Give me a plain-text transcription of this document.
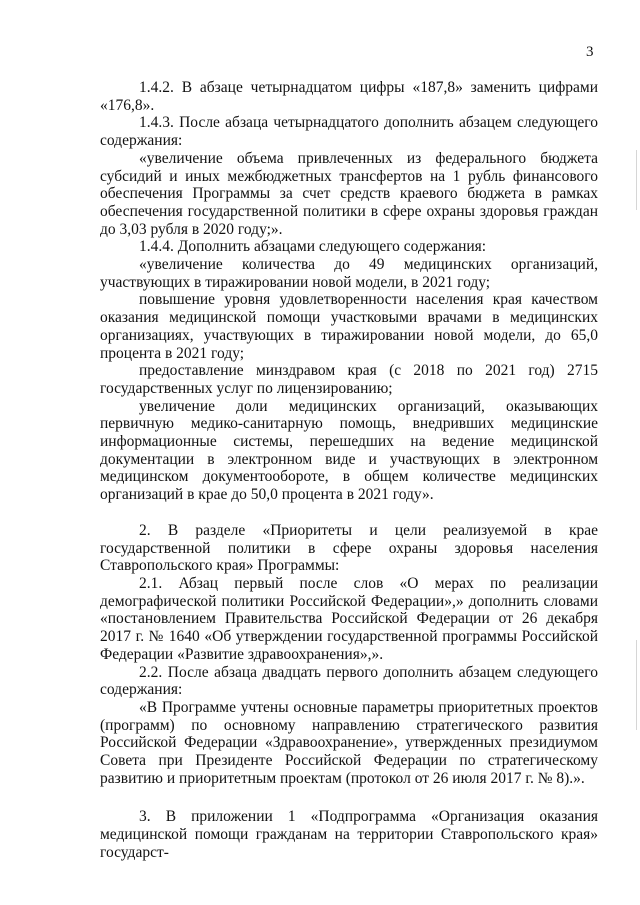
3

1.4.2. В абзаце четырнадцатом цифры «187,8» заменить цифрами «176,8».

1.4.3. После абзаца четырнадцатого дополнить абзацем следующего содержания:

«увеличение объема привлеченных из федерального бюджета субсидий и иных межбюджетных трансфертов на 1 рубль финансового обеспечения Программы за счет средств краевого бюджета в рамках обеспечения государственной политики в сфере охраны здоровья граждан до 3,03 рубля в 2020 году;».

1.4.4. Дополнить абзацами следующего содержания:

«увеличение количества до 49 медицинских организаций, участвующих в тиражировании новой модели, в 2021 году;

повышение уровня удовлетворенности населения края качеством оказания медицинской помощи участковыми врачами в медицинских организациях, участвующих в тиражировании новой модели, до 65,0 процента в 2021 году;

предоставление минздравом края (с 2018 по 2021 год) 2715 государственных услуг по лицензированию;

увеличение доли медицинских организаций, оказывающих первичную медико-санитарную помощь, внедривших медицинские информационные системы, перешедших на ведение медицинской документации в электронном виде и участвующих в электронном медицинском документообороте, в общем количестве медицинских организаций в крае до 50,0 процента в 2021 году».

2. В разделе «Приоритеты и цели реализуемой в крае государственной политики в сфере охраны здоровья населения Ставропольского края» Программы:

2.1. Абзац первый после слов «О мерах по реализации демографической политики Российской Федерации»,» дополнить словами «постановлением Правительства Российской Федерации от 26 декабря 2017 г. № 1640 «Об утверждении государственной программы Российской Федерации «Развитие здравоохранения»,».

2.2. После абзаца двадцать первого дополнить абзацем следующего содержания:

«В Программе учтены основные параметры приоритетных проектов (программ) по основному направлению стратегического развития Российской Федерации «Здравоохранение», утвержденных президиумом Совета при Президенте Российской Федерации по стратегическому развитию и приоритетным проектам (протокол от 26 июля 2017 г. № 8).».

3. В приложении 1 «Подпрограмма «Организация оказания медицинской помощи гражданам на территории Ставропольского края» государст-
